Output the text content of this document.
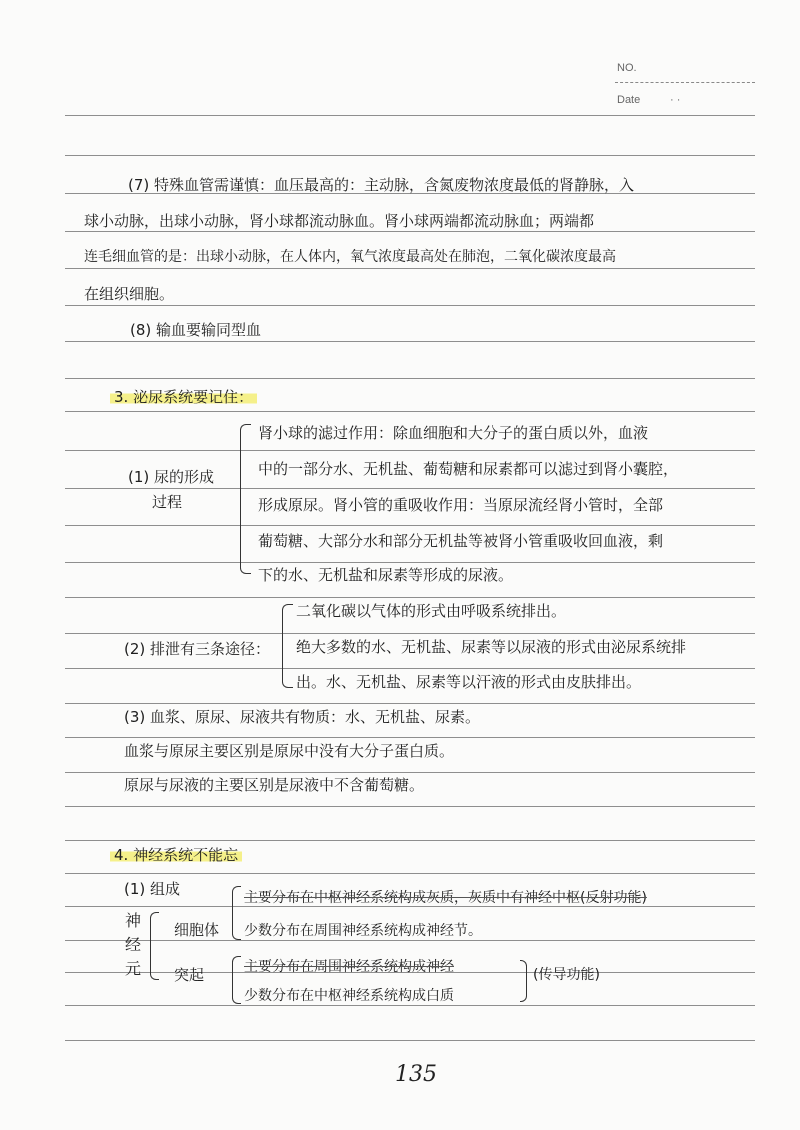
NO.
Date	· ·
(7) 特殊血管需谨慎：血压最高的：主动脉，含氮废物浓度最低的肾静脉，入
球小动脉，出球小动脉，肾小球都流动脉血。肾小球两端都流动脉血；两端都
连毛细血管的是：出球小动脉，在人体内，氧气浓度最高处在肺泡，二氧化碳浓度最高
在组织细胞。
(8) 输血要输同型血
3. 泌尿系统要记住：
(1) 尿的形成
过程
肾小球的滤过作用：除血细胞和大分子的蛋白质以外，血液
中的一部分水、无机盐、葡萄糖和尿素都可以滤过到肾小囊腔，
形成原尿。肾小管的重吸收作用：当原尿流经肾小管时，全部
葡萄糖、大部分水和部分无机盐等被肾小管重吸收回血液，剩
下的水、无机盐和尿素等形成的尿液。
(2) 排泄有三条途径：
二氧化碳以气体的形式由呼吸系统排出。
绝大多数的水、无机盐、尿素等以尿液的形式由泌尿系统排
出。水、无机盐、尿素等以汗液的形式由皮肤排出。
(3) 血浆、原尿、尿液共有物质：水、无机盐、尿素。
血浆与原尿主要区别是原尿中没有大分子蛋白质。
原尿与尿液的主要区别是尿液中不含葡萄糖。
4. 神经系统不能忘
(1) 组成
神
经
元
细胞体
主要分布在中枢神经系统构成灰质，灰质中有神经中枢(反射功能)
少数分布在周围神经系统构成神经节。
突起	主要分布在周围神经系统构成神经
少数分布在中枢神经系统构成白质
(传导功能)
135
